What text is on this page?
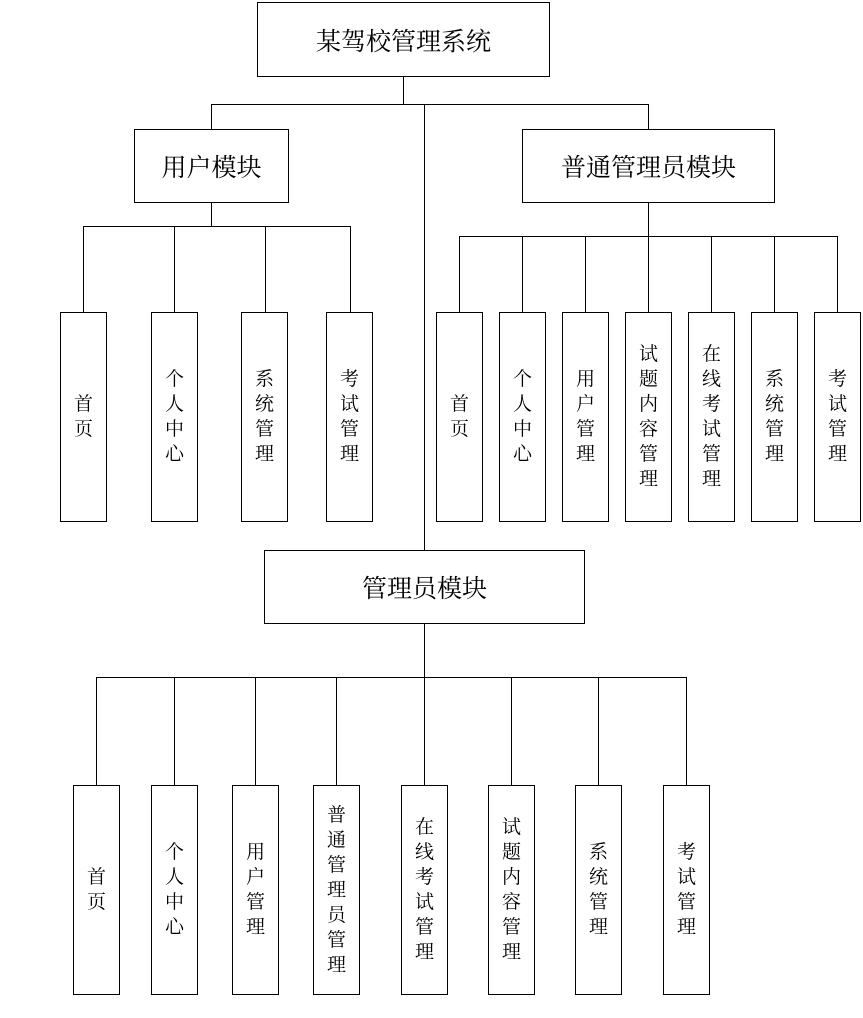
某驾校管理系统
用户模块
首页
个人中心
系统管理
考试管理
普通管理员模块
首页
个人中心
用户管理
试题内容管理
在线考试管理
系统管理
考试管理
管理员模块
首页
个人中心
用户管理
普通管理员管理
在线考试管理
试题内容管理
系统管理
考试管理
